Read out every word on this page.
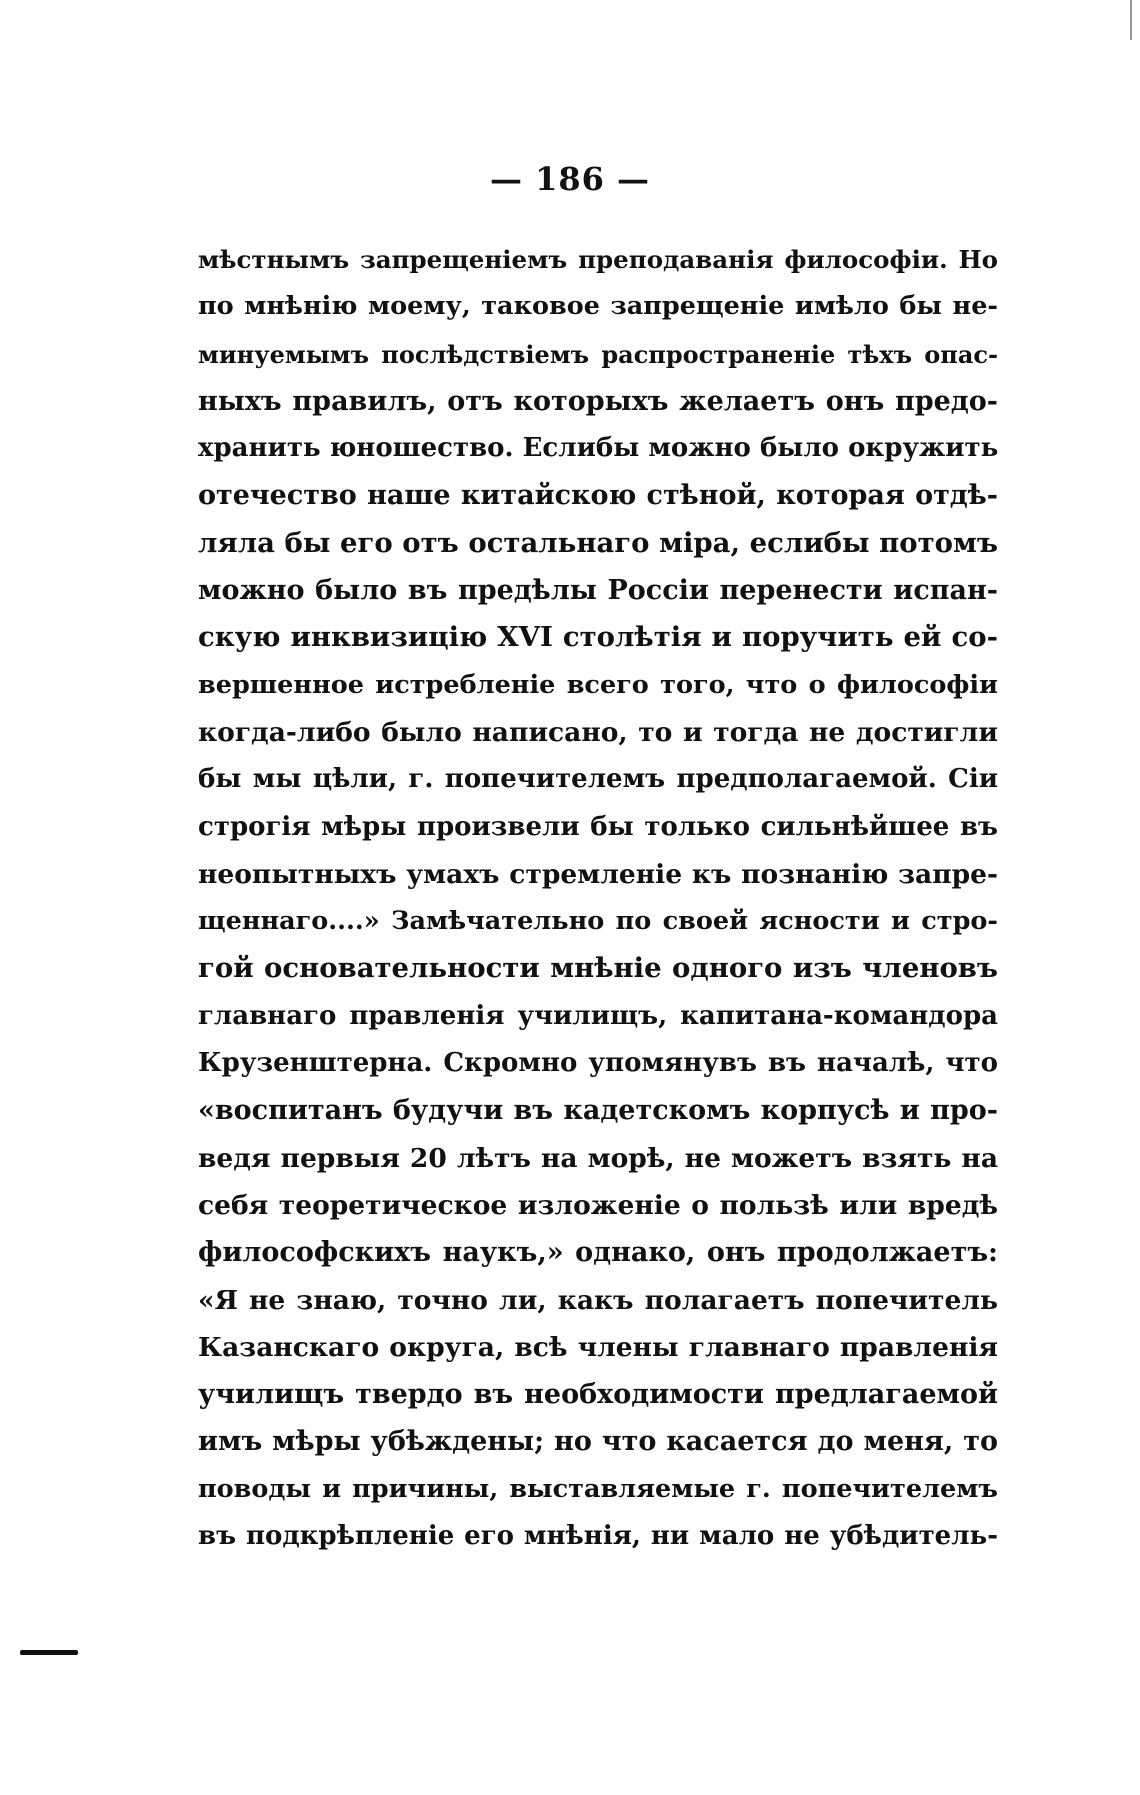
— 186 —
мѣстнымъ запрещеніемъ преподаванія философіи. Но
по мнѣнію моему, таковое запрещеніе имѣло бы не-
минуемымъ послѣдствіемъ распространеніе тѣхъ опас-
ныхъ правилъ, отъ которыхъ желаетъ онъ предо-
хранить юношество. Еслибы можно было окружить
отечество наше китайскою стѣной, которая отдѣ-
ляла бы его отъ остальнаго міра, еслибы потомъ
можно было въ предѣлы Россіи перенести испан-
скую инквизицію XVI столѣтія и поручить ей со-
вершенное истребленіе всего того, что о философіи
когда-либо было написано, то и тогда не достигли
бы мы цѣли, г. попечителемъ предполагаемой. Сіи
строгія мѣры произвели бы только сильнѣйшее въ
неопытныхъ умахъ стремленіе къ познанію запре-
щеннаго....» Замѣчательно по своей ясности и стро-
гой основательности мнѣніе одного изъ членовъ
главнаго правленія училищъ, капитана-командора
Крузенштерна. Скромно упомянувъ въ началѣ, что
«воспитанъ будучи въ кадетскомъ корпусѣ и про-
ведя первыя 20 лѣтъ на морѣ, не можетъ взять на
себя теоретическое изложеніе о пользѣ или вредѣ
философскихъ наукъ,» однако, онъ продолжаетъ:
«Я не знаю, точно ли, какъ полагаетъ попечитель
Казанскаго округа, всѣ члены главнаго правленія
училищъ твердо въ необходимости предлагаемой
имъ мѣры убѣждены; но что касается до меня, то
поводы и причины, выставляемые г. попечителемъ
въ подкрѣпленіе его мнѣнія, ни мало не убѣдитель-
